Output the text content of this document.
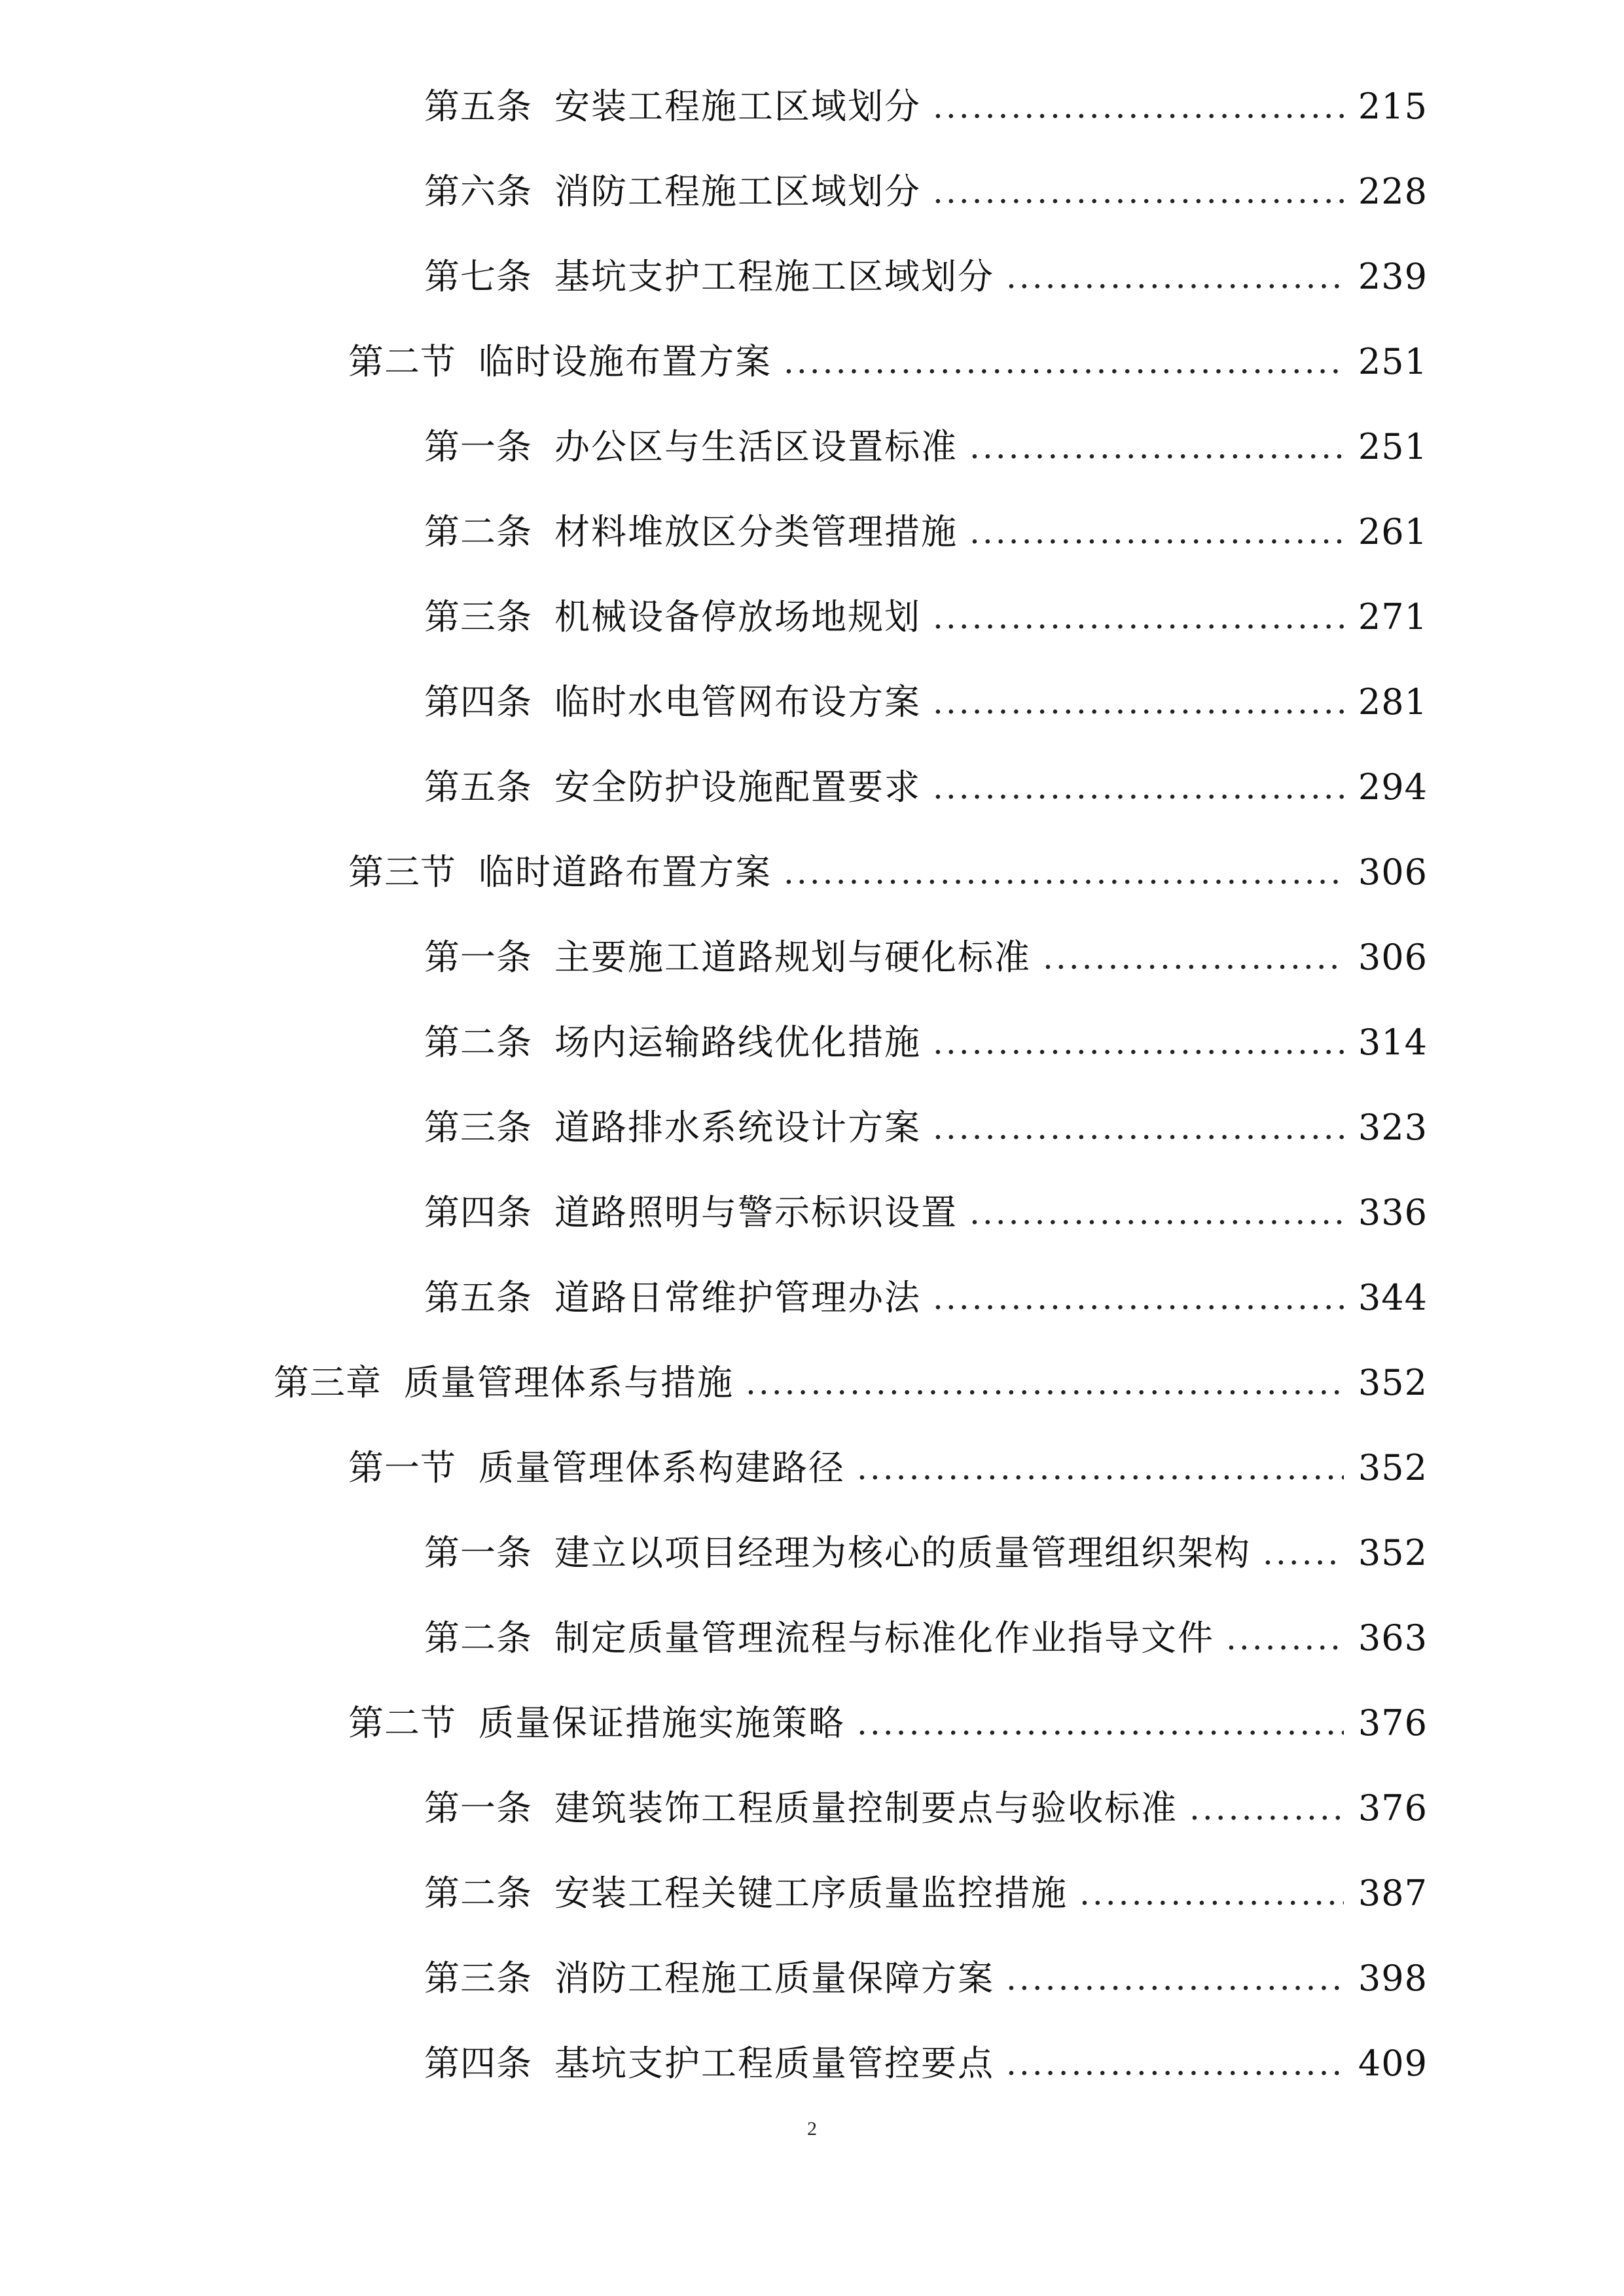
第五条 安装工程施工区域划分 .....	215
第六条 消防工程施工区域划分 .....	228
第七条 基坑支护工程施工区域划分 .....	239
第二节 临时设施布置方案 .....	251
第一条 办公区与生活区设置标准 .....	251
第二条 材料堆放区分类管理措施 .....	261
第三条 机械设备停放场地规划 .....	271
第四条 临时水电管网布设方案 .....	281
第五条 安全防护设施配置要求 .....	294
第三节 临时道路布置方案 .....	306
第一条 主要施工道路规划与硬化标准 .....	306
第二条 场内运输路线优化措施 .....	314
第三条 道路排水系统设计方案 .....	323
第四条 道路照明与警示标识设置 .....	336
第五条 道路日常维护管理办法 .....	344
第三章 质量管理体系与措施 .....	352
第一节 质量管理体系构建路径 .....	352
第一条 建立以项目经理为核心的质量管理组织架构 .....	352
第二条 制定质量管理流程与标准化作业指导文件 .....	363
第二节 质量保证措施实施策略 .....	376
第一条 建筑装饰工程质量控制要点与验收标准 .....	376
第二条 安装工程关键工序质量监控措施 .....	387
第三条 消防工程施工质量保障方案 .....	398
第四条 基坑支护工程质量管控要点 .....	409
2
